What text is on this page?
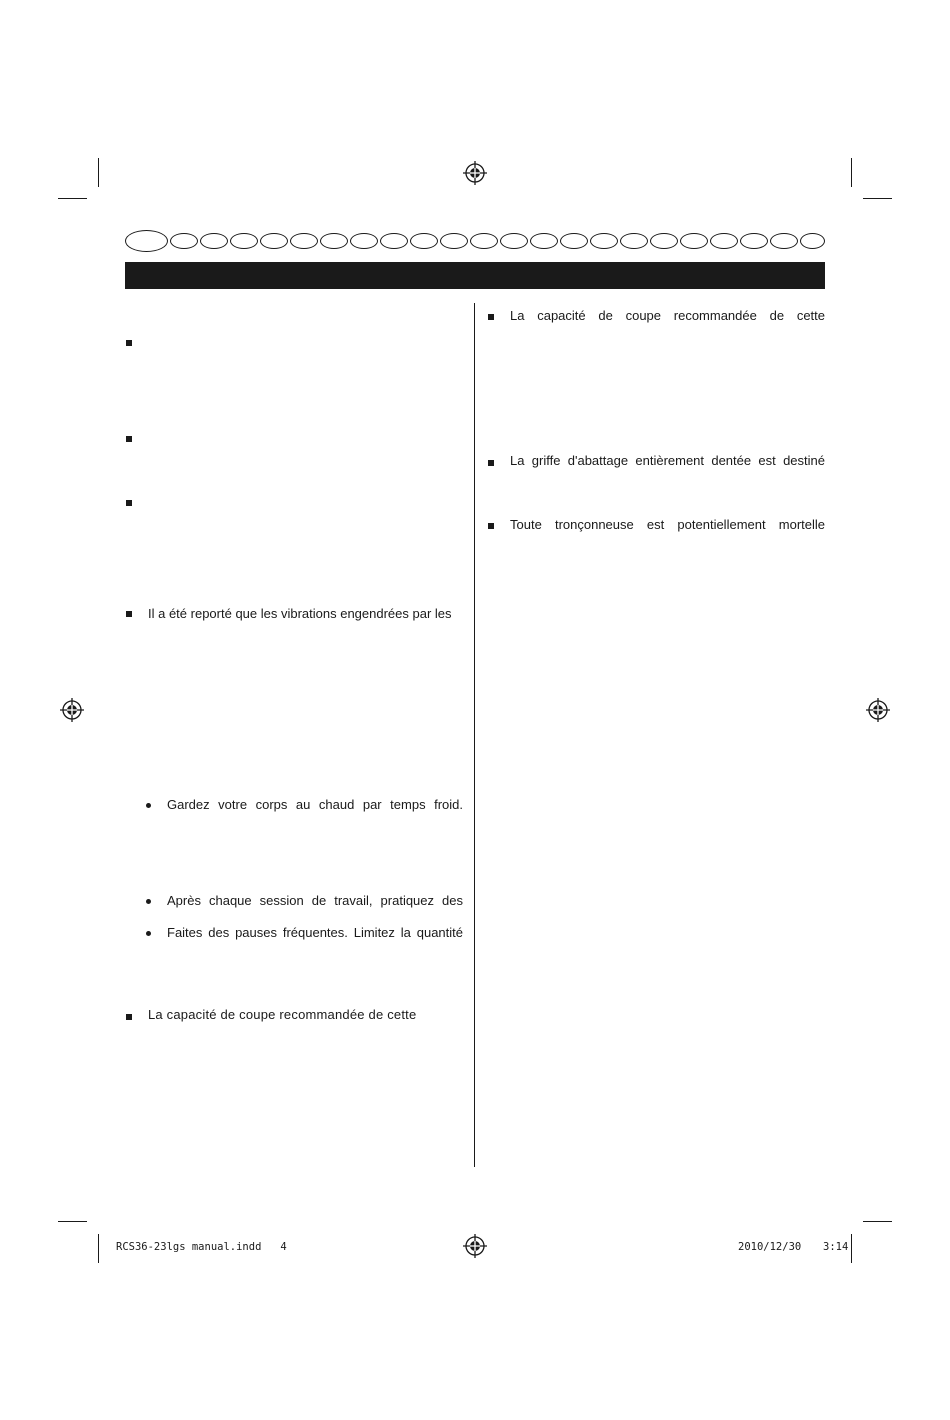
Il a été reporté que les vibrations engendrées par les
Gardez votre corps au chaud par temps froid.
Après chaque session de travail, pratiquez des
Faites des pauses fréquentes. Limitez la quantité
La capacité de coupe recommandée de cette
La capacité de coupe recommandée de cette
La griffe d'abattage entièrement dentée est destiné
Toute tronçonneuse est potentiellement mortelle
RCS36-23lgs manual.indd   4	2010/12/30 3:14
